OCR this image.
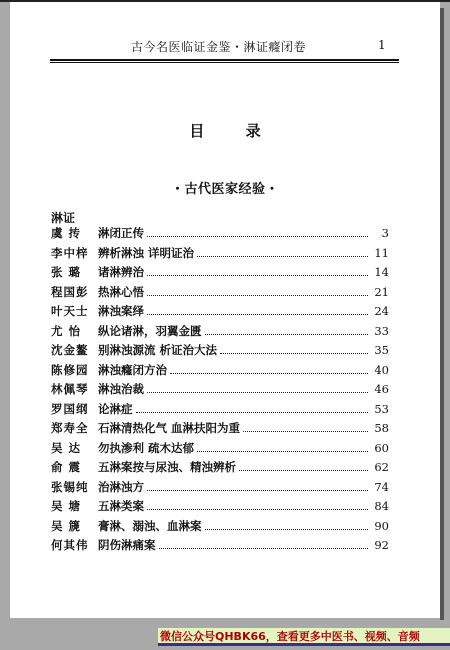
古今名医临证金鉴・淋证癃闭卷	1
目 录
・古代医家经验・
淋证
虞 抟	淋闭正传	3
李中梓 辨析淋浊 详明证治	11
张 璐	诸淋辨治	14
程国彭 热淋心悟	21
叶天士 淋浊案绎	24
尤 怡	纵论诸淋，羽翼金匮	33
沈金鳌 别淋浊源流 析证治大法	35
陈修园 淋浊癃闭方治	40
林佩琴 淋浊治裁	46
罗国纲 论淋症	53
郑寿全 石淋清热化气 血淋扶阳为重	58
吴 达	勿执渗利 疏木达郁	60
俞 震	五淋案按与尿浊、精浊辨析	62
张锡纯 治淋浊方	74
吴 塘	五淋类案	84
吴 篪	膏淋、溺浊、血淋案	90
何其伟 阴伤淋痛案	92
微信公众号QHBK66，查看更多中医书、视频、音频
